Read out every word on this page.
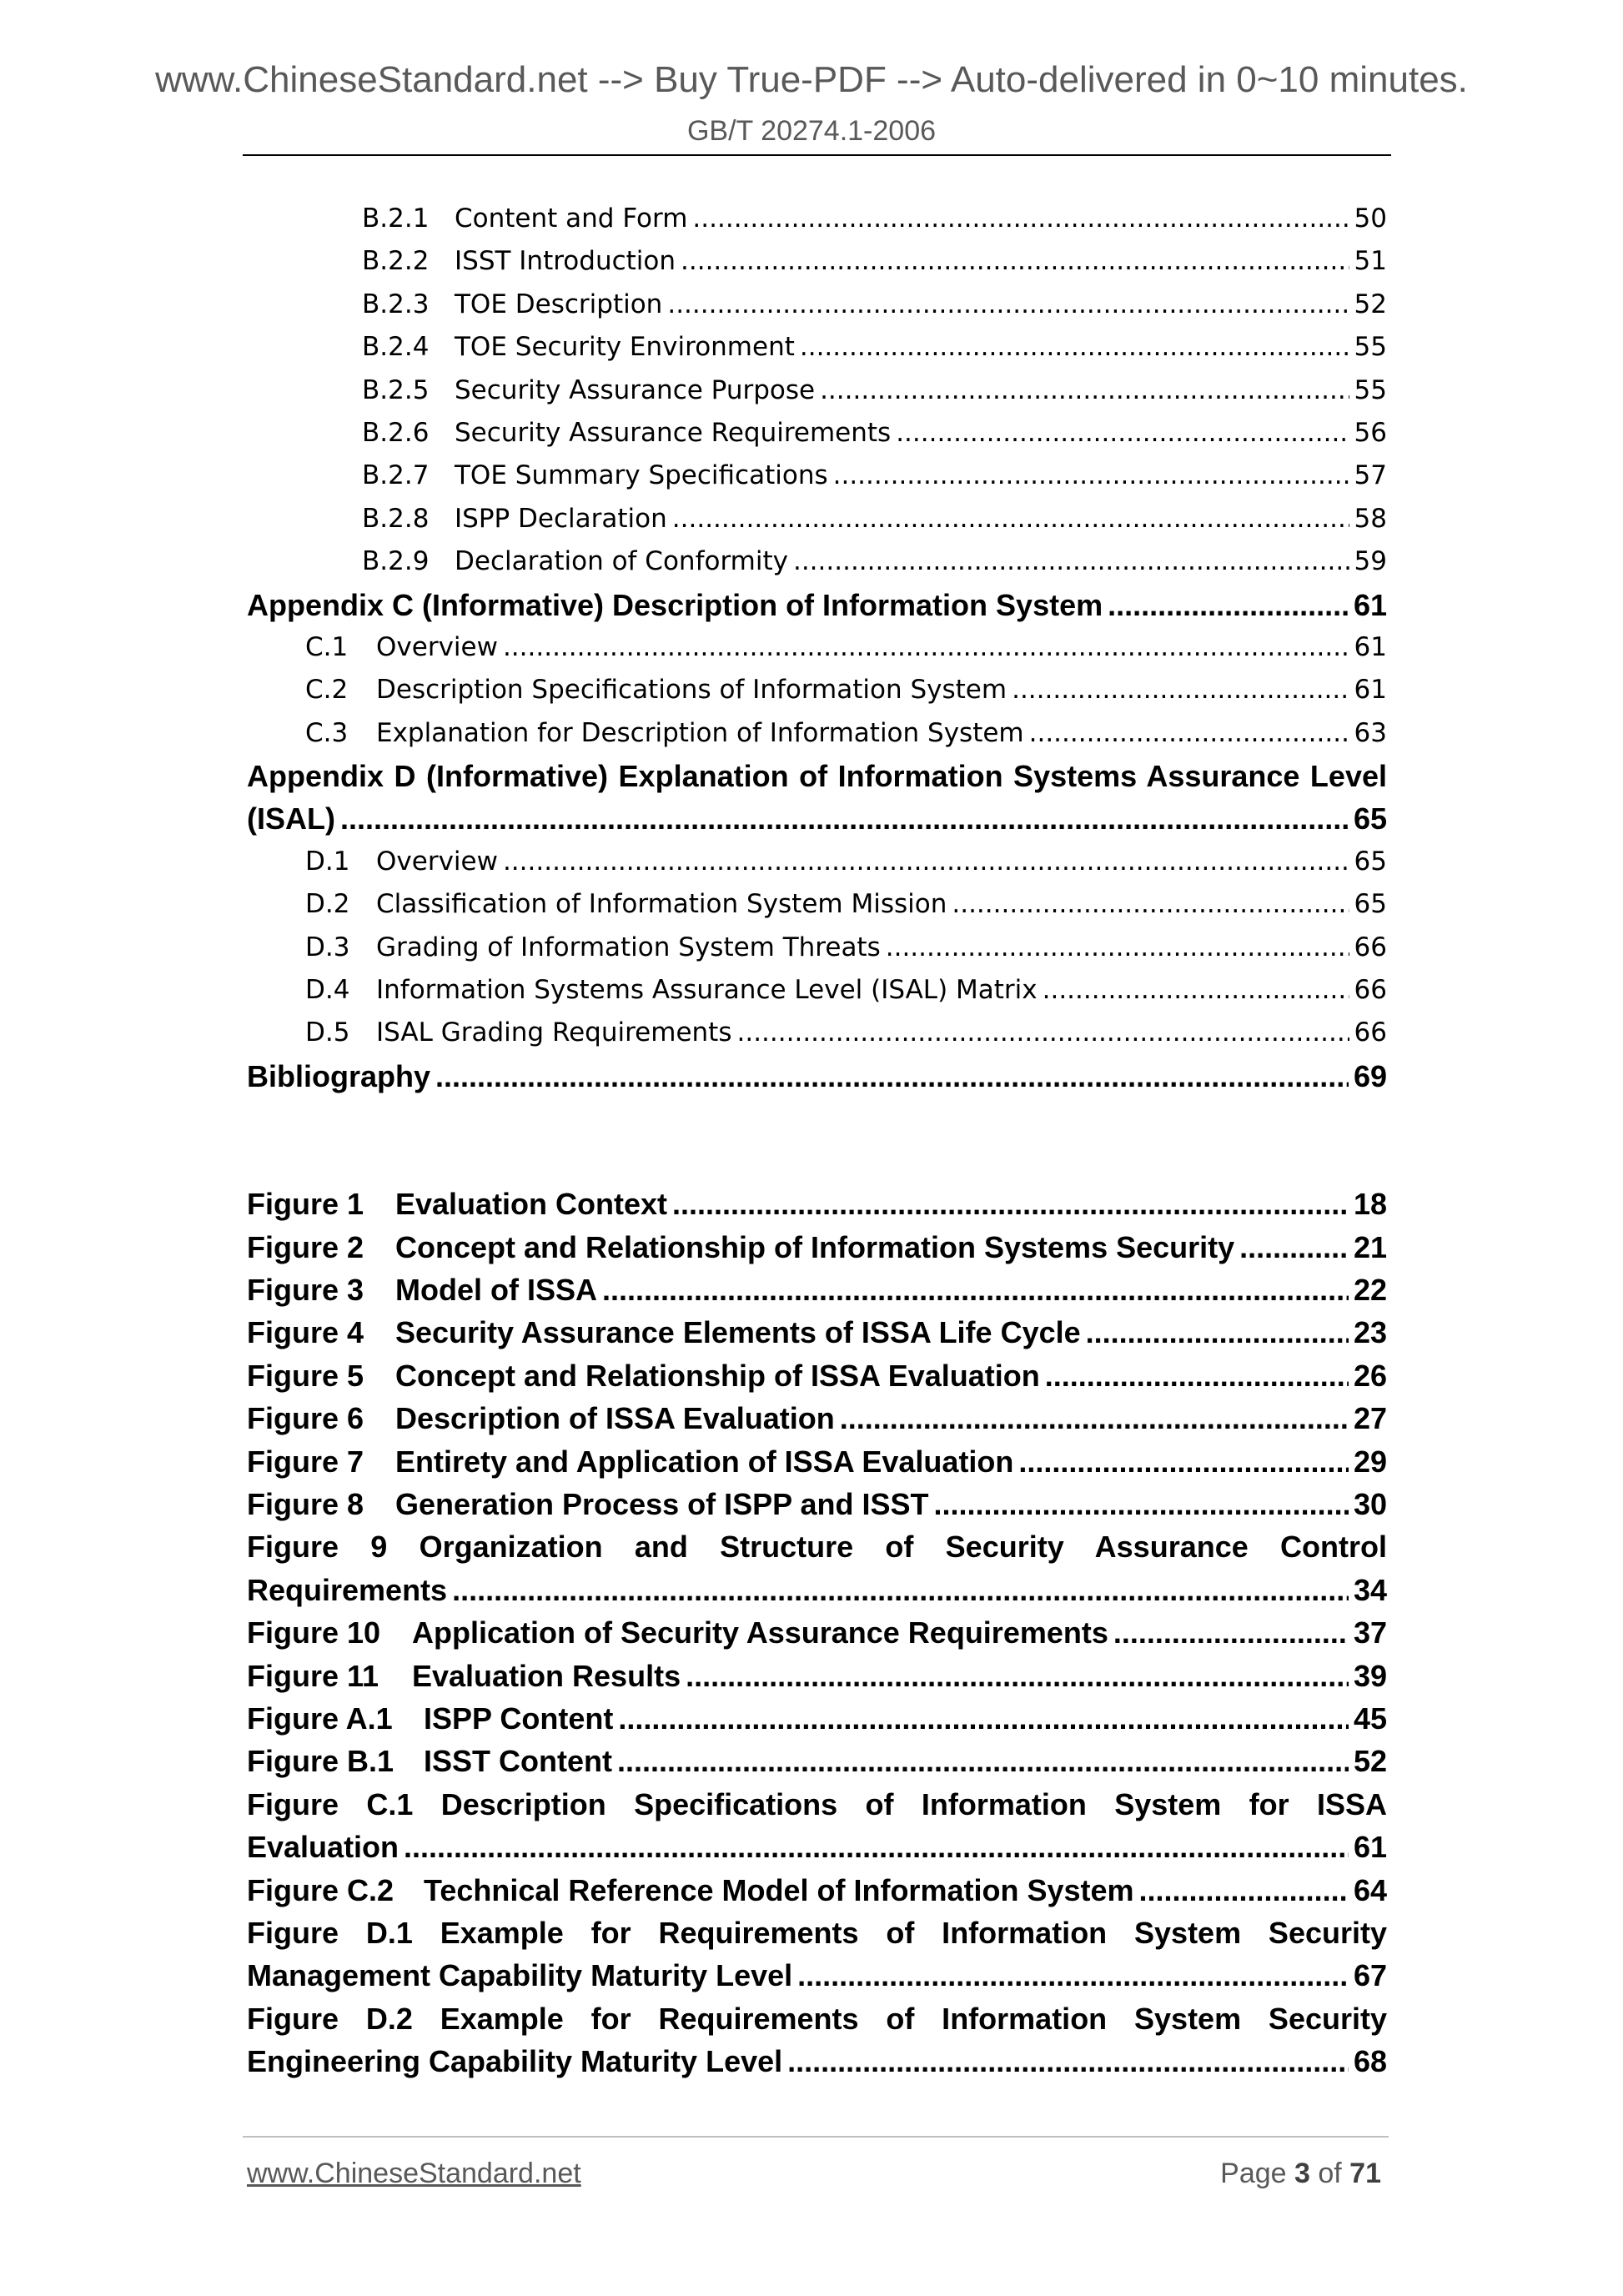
www.ChineseStandard.net --> Buy True-PDF --> Auto-delivered in 0~10 minutes.

GB/T 20274.1-2006

B.2.1 Content and Form .....	50
B.2.2 ISST Introduction .....	51
B.2.3 TOE Description .....	52
B.2.4 TOE Security Environment .....	55
B.2.5 Security Assurance Purpose .....	55
B.2.6 Security Assurance Requirements .....	56
B.2.7 TOE Summary Specifications .....	57
B.2.8 ISPP Declaration .....	58
B.2.9 Declaration of Conformity .....	59
Appendix C (Informative) Description of Information System .....	61
C.1	Overview .....	61
C.2	Description Specifications of Information System .....	61
C.3	Explanation for Description of Information System .....	63
Appendix D (Informative) Explanation of Information Systems Assurance Level
(ISAL) .....	65
D.1	Overview .....	65
D.2	Classification of Information System Mission .....	65
D.3	Grading of Information System Threats .....	66
D.4	Information Systems Assurance Level (ISAL) Matrix .....	66
D.5	ISAL Grading Requirements .....	66
Bibliography .....	69
Figure 1	Evaluation Context .....	18
Figure 2	Concept and Relationship of Information Systems Security .....	21
Figure 3	Model of ISSA .....	22
Figure 4	Security Assurance Elements of ISSA Life Cycle .....	23
Figure 5	Concept and Relationship of ISSA Evaluation .....	26
Figure 6	Description of ISSA Evaluation .....	27
Figure 7	Entirety and Application of ISSA Evaluation .....	29
Figure 8	Generation Process of ISPP and ISST .....	30
Figure 9 Organization and Structure of Security Assurance Control
Requirements .....	34
Figure 10	Application of Security Assurance Requirements .....	37
Figure 11	Evaluation Results .....	39
Figure A.1	ISPP Content .....	45
Figure B.1 ISST Content .....	52
Figure C.1 Description Specifications of Information System for ISSA
Evaluation .....	61
Figure C.2 Technical Reference Model of Information System .....	64
Figure D.1 Example for Requirements of Information System Security
Management Capability Maturity Level .....	67
Figure D.2 Example for Requirements of Information System Security
Engineering Capability Maturity Level .....	68
www.ChineseStandard.net	Page 3 of 71
